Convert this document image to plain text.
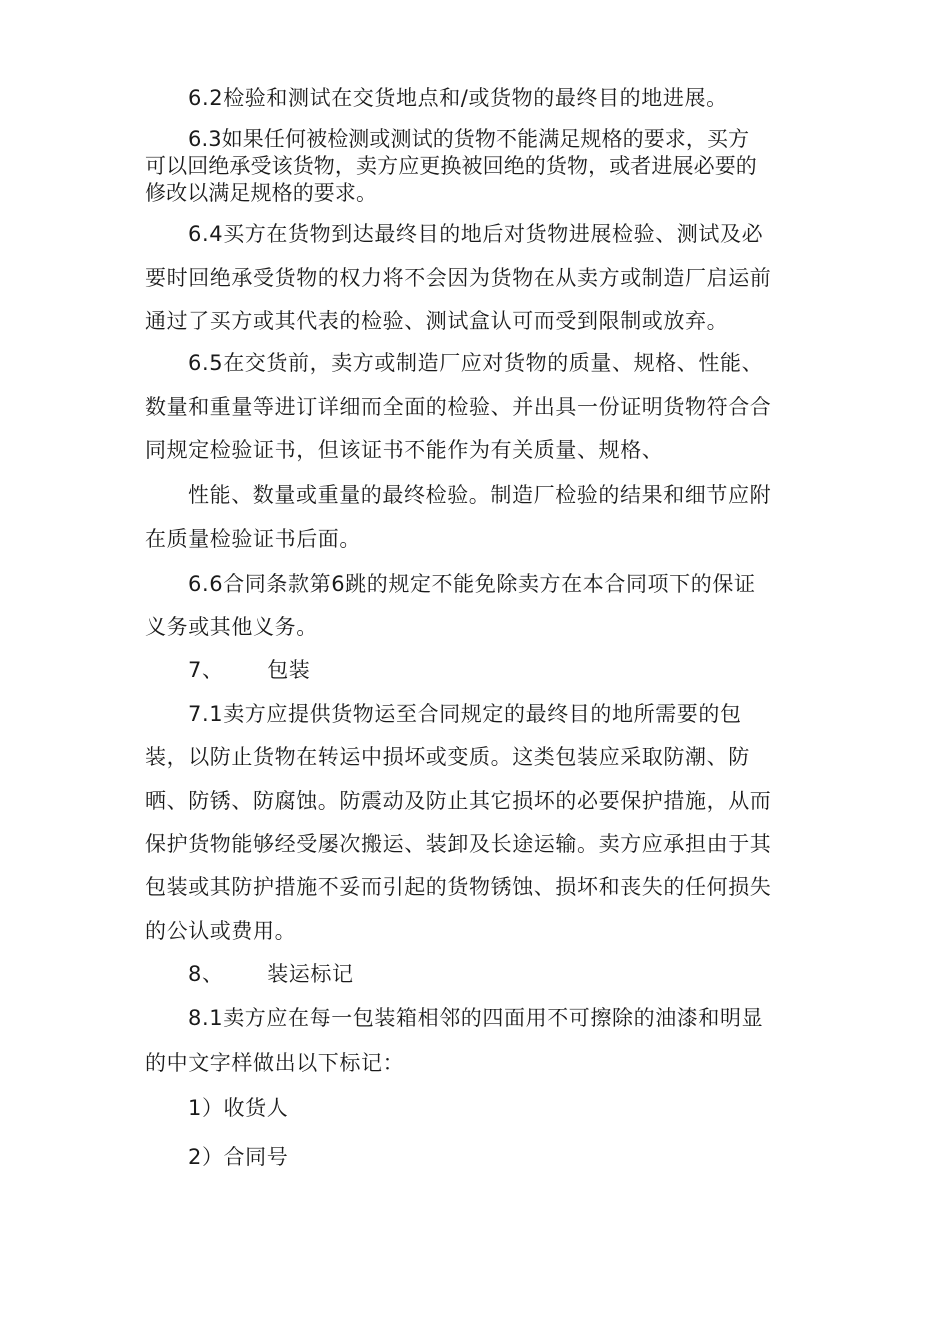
6.2检验和测试在交货地点和/或货物的最终目的地进展。
6.3如果任何被检测或测试的货物不能满足规格的要求，买方
可以回绝承受该货物，卖方应更换被回绝的货物，或者进展必要的
修改以满足规格的要求。
6.4买方在货物到达最终目的地后对货物进展检验、测试及必
要时回绝承受货物的权力将不会因为货物在从卖方或制造厂启运前
通过了买方或其代表的检验、测试盒认可而受到限制或放弃。
6.5在交货前，卖方或制造厂应对货物的质量、规格、性能、
数量和重量等进订详细而全面的检验、并出具一份证明货物符合合
同规定检验证书，但该证书不能作为有关质量、规格、
性能、数量或重量的最终检验。制造厂检验的结果和细节应附
在质量检验证书后面。
6.6合同条款第6跳的规定不能免除卖方在本合同项下的保证
义务或其他义务。
7、      包装
7.1卖方应提供货物运至合同规定的最终目的地所需要的包
装，以防止货物在转运中损坏或变质。这类包装应采取防潮、防
晒、防锈、防腐蚀。防震动及防止其它损坏的必要保护措施，从而
保护货物能够经受屡次搬运、装卸及长途运输。卖方应承担由于其
包装或其防护措施不妥而引起的货物锈蚀、损坏和丧失的任何损失
的公认或费用。
8、      装运标记
8.1卖方应在每一包装箱相邻的四面用不可擦除的油漆和明显
的中文字样做出以下标记：
1）收货人
2）合同号
